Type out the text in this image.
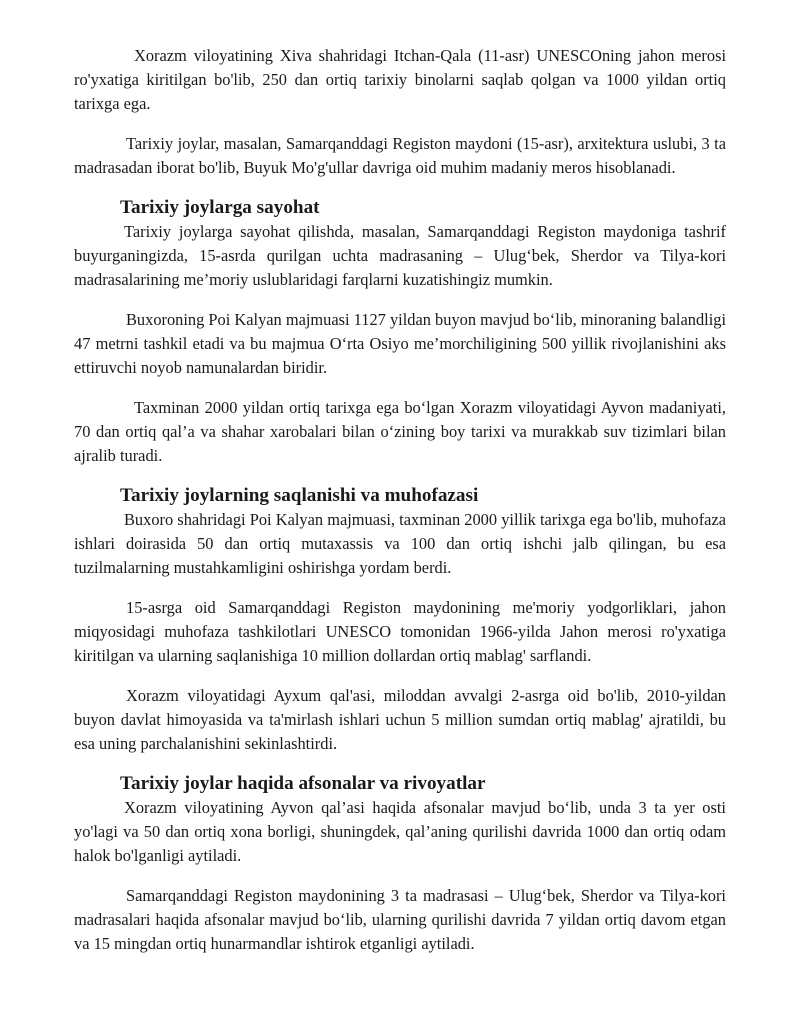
Xorazm viloyatining Xiva shahridagi Itchan-Qala (11-asr) UNESCOning jahon merosi ro'yxatiga kiritilgan bo'lib, 250 dan ortiq tarixiy binolarni saqlab qolgan va 1000 yildan ortiq tarixga ega.

Tarixiy joylar, masalan, Samarqanddagi Registon maydoni (15-asr), arxitektura uslubi, 3 ta madrasadan iborat bo'lib, Buyuk Mo'g'ullar davriga oid muhim madaniy meros hisoblanadi.

Tarixiy joylarga sayohat

Tarixiy joylarga sayohat qilishda, masalan, Samarqanddagi Registon maydoniga tashrif buyurganingizda, 15-asrda qurilgan uchta madrasaning – Ulug‘bek, Sherdor va Tilya-kori madrasalarining me’moriy uslublaridagi farqlarni kuzatishingiz mumkin.

Buxoroning Poi Kalyan majmuasi 1127 yildan buyon mavjud bo‘lib, minoraning balandligi 47 metrni tashkil etadi va bu majmua O‘rta Osiyo me’morchiligining 500 yillik rivojlanishini aks ettiruvchi noyob namunalardan biridir.

Taxminan 2000 yildan ortiq tarixga ega bo‘lgan Xorazm viloyatidagi Ayvon madaniyati, 70 dan ortiq qal’a va shahar xarobalari bilan o‘zining boy tarixi va murakkab suv tizimlari bilan ajralib turadi.

Tarixiy joylarning saqlanishi va muhofazasi

Buxoro shahridagi Poi Kalyan majmuasi, taxminan 2000 yillik tarixga ega bo'lib, muhofaza ishlari doirasida 50 dan ortiq mutaxassis va 100 dan ortiq ishchi jalb qilingan, bu esa tuzilmalarning mustahkamligini oshirishga yordam berdi.

15-asrga oid Samarqanddagi Registon maydonining me'moriy yodgorliklari, jahon miqyosidagi muhofaza tashkilotlari UNESCO tomonidan 1966-yilda Jahon merosi ro'yxatiga kiritilgan va ularning saqlanishiga 10 million dollardan ortiq mablag' sarflandi.

Xorazm viloyatidagi Ayxum qal'asi, miloddan avvalgi 2-asrga oid bo'lib, 2010-yildan buyon davlat himoyasida va ta'mirlash ishlari uchun 5 million sumdan ortiq mablag' ajratildi, bu esa uning parchalanishini sekinlashtirdi.

Tarixiy joylar haqida afsonalar va rivoyatlar

Xorazm viloyatining Ayvon qal’asi haqida afsonalar mavjud bo‘lib, unda 3 ta yer osti yo'lagi va 50 dan ortiq xona borligi, shuningdek, qal’aning qurilishi davrida 1000 dan ortiq odam halok bo'lganligi aytiladi.

Samarqanddagi Registon maydonining 3 ta madrasasi – Ulug‘bek, Sherdor va Tilya-kori madrasalari haqida afsonalar mavjud bo‘lib, ularning qurilishi davrida 7 yildan ortiq davom etgan va 15 mingdan ortiq hunarmandlar ishtirok etganligi aytiladi.
